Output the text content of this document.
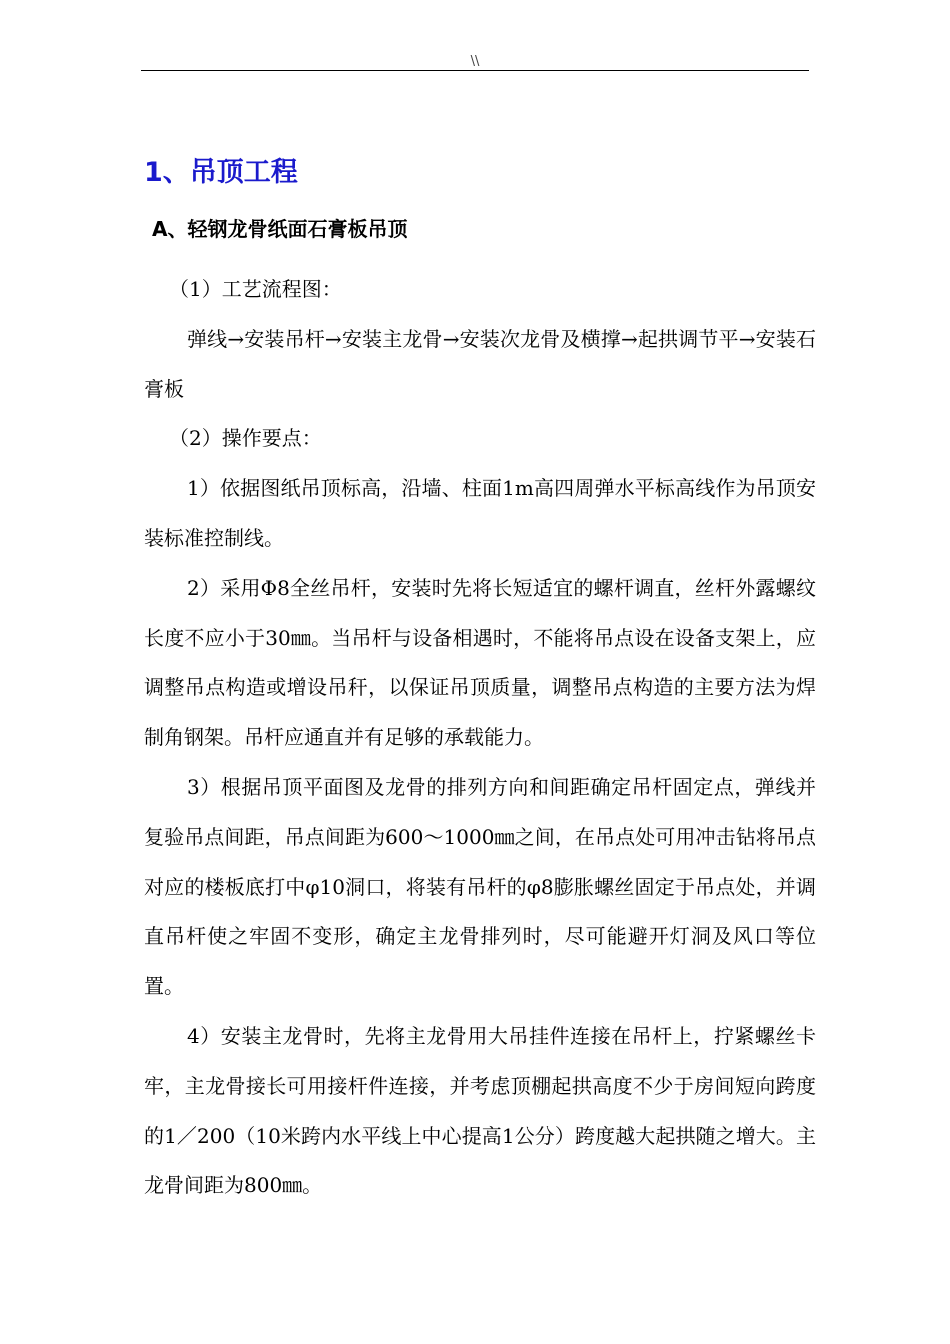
\\
1、吊顶工程
A、轻钢龙骨纸面石膏板吊顶

（1）工艺流程图：

弹线→安装吊杆→安装主龙骨→安装次龙骨及横撑→起拱调节平→安装石膏板

（2）操作要点：

1）依据图纸吊顶标高，沿墙、柱面1m高四周弹水平标高线作为吊顶安装标准控制线。

2）采用Φ8全丝吊杆，安装时先将长短适宜的螺杆调直，丝杆外露螺纹长度不应小于30㎜。当吊杆与设备相遇时，不能将吊点设在设备支架上，应调整吊点构造或增设吊秆，以保证吊顶质量，调整吊点构造的主要方法为焊制角钢架。吊杆应通直并有足够的承载能力。

3）根据吊顶平面图及龙骨的排列方向和间距确定吊杆固定点，弹线并复验吊点间距，吊点间距为600～1000㎜之间，在吊点处可用冲击钻将吊点对应的楼板底打中φ10洞口，将装有吊杆的φ8膨胀螺丝固定于吊点处，并调直吊杆使之牢固不变形，确定主龙骨排列时，尽可能避开灯洞及风口等位置。

4）安装主龙骨时，先将主龙骨用大吊挂件连接在吊杆上，拧紧螺丝卡牢，主龙骨接长可用接杆件连接，并考虑顶棚起拱高度不少于房间短向跨度的1／200（10米跨内水平线上中心提高1公分）跨度越大起拱随之增大。主龙骨间距为800㎜。
